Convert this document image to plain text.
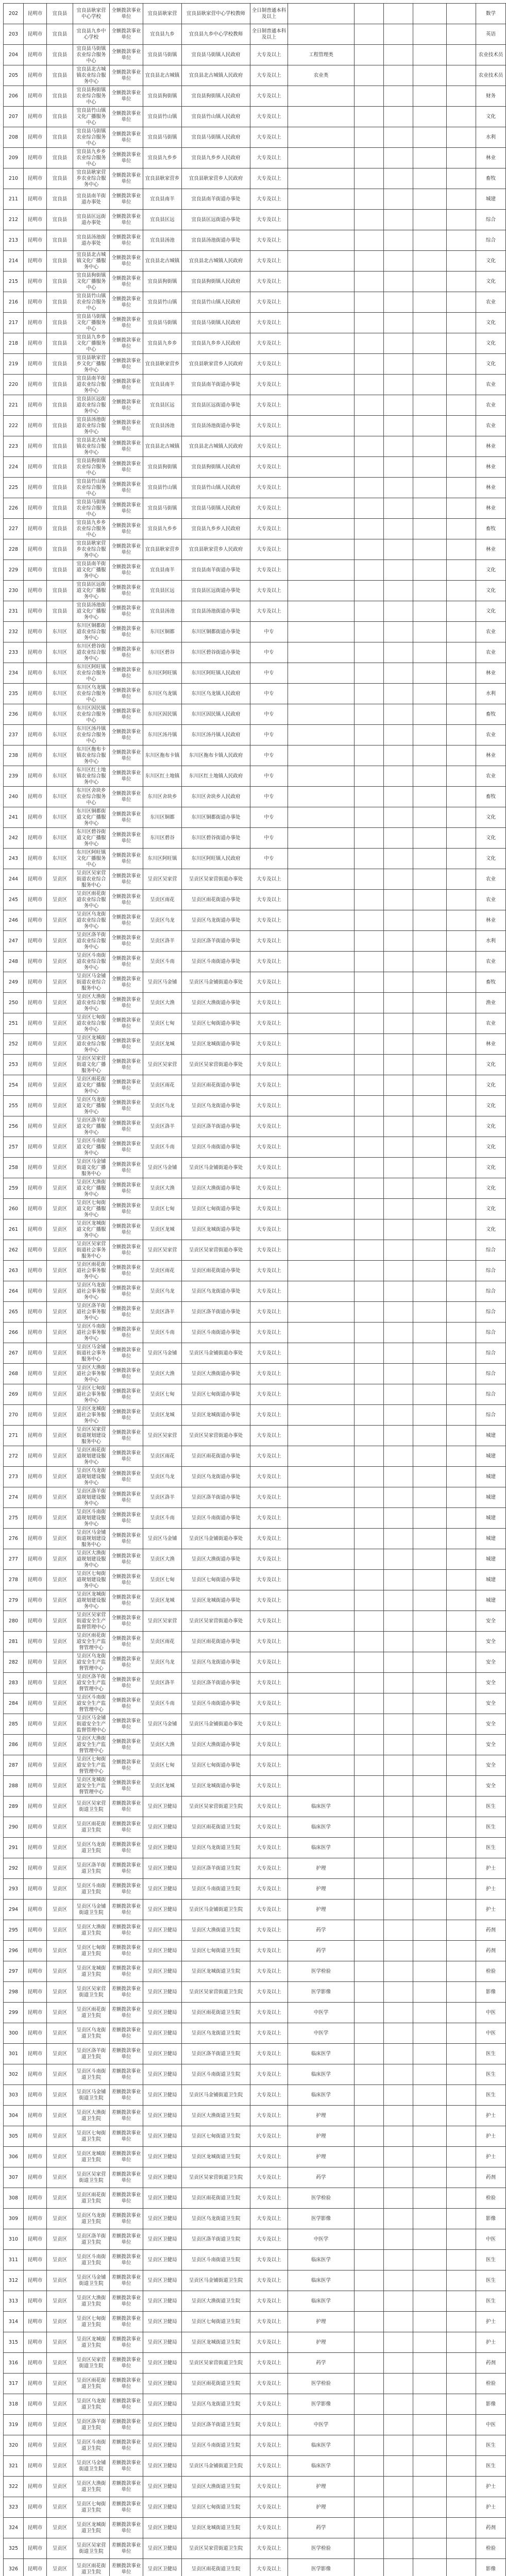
202	昆明市	宜良县	宜良县耿家营中心学校	全额拨款事业单位	宜良县耿家营	宜良县耿家营中心学校教师	全日制普通本科及以上						数学
203	昆明市	宜良县	宜良县九乡中心学校	全额拨款事业单位	宜良县九乡	宜良县九乡中心学校教师	全日制普通本科及以上						英语
204	昆明市	宜良县	宜良县马街镇农业综合服务中心	全额拨款事业单位	宜良县马街镇	宜良县马街镇人民政府	大专及以上	工程管理类					农业技术员
205	昆明市	宜良县	宜良县北古城镇农业综合服务中心	全额拨款事业单位	宜良县北古城镇	宜良县北古城镇人民政府	大专及以上	农业类					农业技术员
206	昆明市	宜良县	宜良县狗街镇农业综合服务中心	全额拨款事业单位	宜良县狗街镇	宜良县狗街镇人民政府	大专及以上						财务
207	昆明市	宜良县	宜良县竹山镇文化广播服务中心	全额拨款事业单位	宜良县竹山镇	宜良县竹山镇人民政府	大专及以上						文化
208	昆明市	宜良县	宜良县马街镇农业综合服务中心	全额拨款事业单位	宜良县马街镇	宜良县马街镇人民政府	大专及以上						水利
209	昆明市	宜良县	宜良县九乡乡农业综合服务中心	全额拨款事业单位	宜良县九乡乡	宜良县九乡乡人民政府	大专及以上						林业
210	昆明市	宜良县	宜良县耿家营乡农业综合服务中心	全额拨款事业单位	宜良县耿家营乡	宜良县耿家营乡人民政府	大专及以上						畜牧
211	昆明市	宜良县	宜良县南羊街道办事处	全额拨款事业单位	宜良县南羊	宜良县南羊街道办事处	大专及以上						城建
212	昆明市	宜良县	宜良县匡远街道办事处	全额拨款事业单位	宜良县匡远	宜良县匡远街道办事处	大专及以上						综合
213	昆明市	宜良县	宜良县汤池街道办事处	全额拨款事业单位	宜良县汤池	宜良县汤池街道办事处	大专及以上						综合
214	昆明市	宜良县	宜良县北古城镇文化广播服务中心	全额拨款事业单位	宜良县北古城镇	宜良县北古城镇人民政府	大专及以上						文化
215	昆明市	宜良县	宜良县狗街镇文化广播服务中心	全额拨款事业单位	宜良县狗街镇	宜良县狗街镇人民政府	大专及以上						文化
216	昆明市	宜良县	宜良县竹山镇农业综合服务中心	全额拨款事业单位	宜良县竹山镇	宜良县竹山镇人民政府	大专及以上						农业
217	昆明市	宜良县	宜良县马街镇文化广播服务中心	全额拨款事业单位	宜良县马街镇	宜良县马街镇人民政府	大专及以上						文化
218	昆明市	宜良县	宜良县九乡乡文化广播服务中心	全额拨款事业单位	宜良县九乡乡	宜良县九乡乡人民政府	大专及以上						文化
219	昆明市	宜良县	宜良县耿家营乡文化广播服务中心	全额拨款事业单位	宜良县耿家营乡	宜良县耿家营乡人民政府	大专及以上						文化
220	昆明市	宜良县	宜良县南羊街道农业综合服务中心	全额拨款事业单位	宜良县南羊	宜良县南羊街道办事处	大专及以上						农业
221	昆明市	宜良县	宜良县匡远街道农业综合服务中心	全额拨款事业单位	宜良县匡远	宜良县匡远街道办事处	大专及以上						农业
222	昆明市	宜良县	宜良县汤池街道农业综合服务中心	全额拨款事业单位	宜良县汤池	宜良县汤池街道办事处	大专及以上						农业
223	昆明市	宜良县	宜良县北古城镇农业综合服务中心	全额拨款事业单位	宜良县北古城镇	宜良县北古城镇人民政府	大专及以上						林业
224	昆明市	宜良县	宜良县狗街镇农业综合服务中心	全额拨款事业单位	宜良县狗街镇	宜良县狗街镇人民政府	大专及以上						林业
225	昆明市	宜良县	宜良县竹山镇农业综合服务中心	全额拨款事业单位	宜良县竹山镇	宜良县竹山镇人民政府	大专及以上						林业
226	昆明市	宜良县	宜良县马街镇农业综合服务中心	全额拨款事业单位	宜良县马街镇	宜良县马街镇人民政府	大专及以上						林业
227	昆明市	宜良县	宜良县九乡乡农业综合服务中心	全额拨款事业单位	宜良县九乡乡	宜良县九乡乡人民政府	大专及以上						畜牧
228	昆明市	宜良县	宜良县耿家营乡农业综合服务中心	全额拨款事业单位	宜良县耿家营乡	宜良县耿家营乡人民政府	大专及以上						林业
229	昆明市	宜良县	宜良县南羊街道文化广播服务中心	全额拨款事业单位	宜良县南羊	宜良县南羊街道办事处	大专及以上						文化
230	昆明市	宜良县	宜良县匡远街道文化广播服务中心	全额拨款事业单位	宜良县匡远	宜良县匡远街道办事处	大专及以上						文化
231	昆明市	宜良县	宜良县汤池街道文化广播服务中心	全额拨款事业单位	宜良县汤池	宜良县汤池街道办事处	大专及以上						文化
232	昆明市	东川区	东川区铜都街道农业综合服务中心	全额拨款事业单位	东川区铜都	东川区铜都街道办事处	中专						农业
233	昆明市	东川区	东川区碧谷街道农业综合服务中心	全额拨款事业单位	东川区碧谷	东川区碧谷街道办事处	中专						农业
234	昆明市	东川区	东川区阿旺镇农业综合服务中心	全额拨款事业单位	东川区阿旺镇	东川区阿旺镇人民政府	中专						林业
235	昆明市	东川区	东川区乌龙镇农业综合服务中心	全额拨款事业单位	东川区乌龙镇	东川区乌龙镇人民政府	中专						水利
236	昆明市	东川区	东川区因民镇农业综合服务中心	全额拨款事业单位	东川区因民镇	东川区因民镇人民政府	中专						畜牧
237	昆明市	东川区	东川区汤丹镇农业综合服务中心	全额拨款事业单位	东川区汤丹镇	东川区汤丹镇人民政府	中专						农业
238	昆明市	东川区	东川区拖布卡镇农业综合服务中心	全额拨款事业单位	东川区拖布卡镇	东川区拖布卡镇人民政府	中专						林业
239	昆明市	东川区	东川区红土地镇农业综合服务中心	全额拨款事业单位	东川区红土地镇	东川区红土地镇人民政府	中专						农业
240	昆明市	东川区	东川区舍块乡农业综合服务中心	全额拨款事业单位	东川区舍块乡	东川区舍块乡人民政府	中专						畜牧
241	昆明市	东川区	东川区铜都街道文化广播服务中心	全额拨款事业单位	东川区铜都	东川区铜都街道办事处	中专						文化
242	昆明市	东川区	东川区碧谷街道文化广播服务中心	全额拨款事业单位	东川区碧谷	东川区碧谷街道办事处	中专						文化
243	昆明市	东川区	东川区阿旺镇文化广播服务中心	全额拨款事业单位	东川区阿旺镇	东川区阿旺镇人民政府	中专						文化
244	昆明市	呈贡区	呈贡区吴家营街道农业综合服务中心	全额拨款事业单位	呈贡区吴家营	呈贡区吴家营街道办事处	大专及以上						农业
245	昆明市	呈贡区	呈贡区雨花街道农业综合服务中心	全额拨款事业单位	呈贡区雨花	呈贡区雨花街道办事处	大专及以上						农业
246	昆明市	呈贡区	呈贡区乌龙街道农业综合服务中心	全额拨款事业单位	呈贡区乌龙	呈贡区乌龙街道办事处	大专及以上						林业
247	昆明市	呈贡区	呈贡区洛羊街道农业综合服务中心	全额拨款事业单位	呈贡区洛羊	呈贡区洛羊街道办事处	大专及以上						水利
248	昆明市	呈贡区	呈贡区斗南街道农业综合服务中心	全额拨款事业单位	呈贡区斗南	呈贡区斗南街道办事处	大专及以上						农业
249	昆明市	呈贡区	呈贡区马金铺街道农业综合服务中心	全额拨款事业单位	呈贡区马金铺	呈贡区马金铺街道办事处	大专及以上						畜牧
250	昆明市	呈贡区	呈贡区大渔街道农业综合服务中心	全额拨款事业单位	呈贡区大渔	呈贡区大渔街道办事处	大专及以上						渔业
251	昆明市	呈贡区	呈贡区七甸街道农业综合服务中心	全额拨款事业单位	呈贡区七甸	呈贡区七甸街道办事处	大专及以上						农业
252	昆明市	呈贡区	呈贡区龙城街道农业综合服务中心	全额拨款事业单位	呈贡区龙城	呈贡区龙城街道办事处	大专及以上						林业
253	昆明市	呈贡区	呈贡区吴家营街道文化广播服务中心	全额拨款事业单位	呈贡区吴家营	呈贡区吴家营街道办事处	大专及以上						文化
254	昆明市	呈贡区	呈贡区雨花街道文化广播服务中心	全额拨款事业单位	呈贡区雨花	呈贡区雨花街道办事处	大专及以上						文化
255	昆明市	呈贡区	呈贡区乌龙街道文化广播服务中心	全额拨款事业单位	呈贡区乌龙	呈贡区乌龙街道办事处	大专及以上						文化
256	昆明市	呈贡区	呈贡区洛羊街道文化广播服务中心	全额拨款事业单位	呈贡区洛羊	呈贡区洛羊街道办事处	大专及以上						文化
257	昆明市	呈贡区	呈贡区斗南街道文化广播服务中心	全额拨款事业单位	呈贡区斗南	呈贡区斗南街道办事处	大专及以上						文化
258	昆明市	呈贡区	呈贡区马金铺街道文化广播服务中心	全额拨款事业单位	呈贡区马金铺	呈贡区马金铺街道办事处	大专及以上						文化
259	昆明市	呈贡区	呈贡区大渔街道文化广播服务中心	全额拨款事业单位	呈贡区大渔	呈贡区大渔街道办事处	大专及以上						文化
260	昆明市	呈贡区	呈贡区七甸街道文化广播服务中心	全额拨款事业单位	呈贡区七甸	呈贡区七甸街道办事处	大专及以上						文化
261	昆明市	呈贡区	呈贡区龙城街道文化广播服务中心	全额拨款事业单位	呈贡区龙城	呈贡区龙城街道办事处	大专及以上						文化
262	昆明市	呈贡区	呈贡区吴家营街道社会事务服务中心	全额拨款事业单位	呈贡区吴家营	呈贡区吴家营街道办事处	大专及以上						综合
263	昆明市	呈贡区	呈贡区雨花街道社会事务服务中心	全额拨款事业单位	呈贡区雨花	呈贡区雨花街道办事处	大专及以上						综合
264	昆明市	呈贡区	呈贡区乌龙街道社会事务服务中心	全额拨款事业单位	呈贡区乌龙	呈贡区乌龙街道办事处	大专及以上						综合
265	昆明市	呈贡区	呈贡区洛羊街道社会事务服务中心	全额拨款事业单位	呈贡区洛羊	呈贡区洛羊街道办事处	大专及以上						综合
266	昆明市	呈贡区	呈贡区斗南街道社会事务服务中心	全额拨款事业单位	呈贡区斗南	呈贡区斗南街道办事处	大专及以上						综合
267	昆明市	呈贡区	呈贡区马金铺街道社会事务服务中心	全额拨款事业单位	呈贡区马金铺	呈贡区马金铺街道办事处	大专及以上						综合
268	昆明市	呈贡区	呈贡区大渔街道社会事务服务中心	全额拨款事业单位	呈贡区大渔	呈贡区大渔街道办事处	大专及以上						综合
269	昆明市	呈贡区	呈贡区七甸街道社会事务服务中心	全额拨款事业单位	呈贡区七甸	呈贡区七甸街道办事处	大专及以上						综合
270	昆明市	呈贡区	呈贡区龙城街道社会事务服务中心	全额拨款事业单位	呈贡区龙城	呈贡区龙城街道办事处	大专及以上						综合
271	昆明市	呈贡区	呈贡区吴家营街道规划建设服务中心	全额拨款事业单位	呈贡区吴家营	呈贡区吴家营街道办事处	大专及以上						城建
272	昆明市	呈贡区	呈贡区雨花街道规划建设服务中心	全额拨款事业单位	呈贡区雨花	呈贡区雨花街道办事处	大专及以上						城建
273	昆明市	呈贡区	呈贡区乌龙街道规划建设服务中心	全额拨款事业单位	呈贡区乌龙	呈贡区乌龙街道办事处	大专及以上						城建
274	昆明市	呈贡区	呈贡区洛羊街道规划建设服务中心	全额拨款事业单位	呈贡区洛羊	呈贡区洛羊街道办事处	大专及以上						城建
275	昆明市	呈贡区	呈贡区斗南街道规划建设服务中心	全额拨款事业单位	呈贡区斗南	呈贡区斗南街道办事处	大专及以上						城建
276	昆明市	呈贡区	呈贡区马金铺街道规划建设服务中心	全额拨款事业单位	呈贡区马金铺	呈贡区马金铺街道办事处	大专及以上						城建
277	昆明市	呈贡区	呈贡区大渔街道规划建设服务中心	全额拨款事业单位	呈贡区大渔	呈贡区大渔街道办事处	大专及以上						城建
278	昆明市	呈贡区	呈贡区七甸街道规划建设服务中心	全额拨款事业单位	呈贡区七甸	呈贡区七甸街道办事处	大专及以上						城建
279	昆明市	呈贡区	呈贡区龙城街道规划建设服务中心	全额拨款事业单位	呈贡区龙城	呈贡区龙城街道办事处	大专及以上						城建
280	昆明市	呈贡区	呈贡区吴家营街道安全生产监督管理中心	全额拨款事业单位	呈贡区吴家营	呈贡区吴家营街道办事处	大专及以上						安全
281	昆明市	呈贡区	呈贡区雨花街道安全生产监督管理中心	全额拨款事业单位	呈贡区雨花	呈贡区雨花街道办事处	大专及以上						安全
282	昆明市	呈贡区	呈贡区乌龙街道安全生产监督管理中心	全额拨款事业单位	呈贡区乌龙	呈贡区乌龙街道办事处	大专及以上						安全
283	昆明市	呈贡区	呈贡区洛羊街道安全生产监督管理中心	全额拨款事业单位	呈贡区洛羊	呈贡区洛羊街道办事处	大专及以上						安全
284	昆明市	呈贡区	呈贡区斗南街道安全生产监督管理中心	全额拨款事业单位	呈贡区斗南	呈贡区斗南街道办事处	大专及以上						安全
285	昆明市	呈贡区	呈贡区马金铺街道安全生产监督管理中心	全额拨款事业单位	呈贡区马金铺	呈贡区马金铺街道办事处	大专及以上						安全
286	昆明市	呈贡区	呈贡区大渔街道安全生产监督管理中心	全额拨款事业单位	呈贡区大渔	呈贡区大渔街道办事处	大专及以上						安全
287	昆明市	呈贡区	呈贡区七甸街道安全生产监督管理中心	全额拨款事业单位	呈贡区七甸	呈贡区七甸街道办事处	大专及以上						安全
288	昆明市	呈贡区	呈贡区龙城街道安全生产监督管理中心	全额拨款事业单位	呈贡区龙城	呈贡区龙城街道办事处	大专及以上						安全
289	昆明市	呈贡区	呈贡区吴家营街道卫生院	差额拨款事业单位	呈贡区卫健局	呈贡区吴家营街道卫生院	大专及以上	临床医学					医生
290	昆明市	呈贡区	呈贡区雨花街道卫生院	差额拨款事业单位	呈贡区卫健局	呈贡区雨花街道卫生院	大专及以上	临床医学					医生
291	昆明市	呈贡区	呈贡区乌龙街道卫生院	差额拨款事业单位	呈贡区卫健局	呈贡区乌龙街道卫生院	大专及以上	临床医学					医生
292	昆明市	呈贡区	呈贡区洛羊街道卫生院	差额拨款事业单位	呈贡区卫健局	呈贡区洛羊街道卫生院	大专及以上	护理					护士
293	昆明市	呈贡区	呈贡区斗南街道卫生院	差额拨款事业单位	呈贡区卫健局	呈贡区斗南街道卫生院	大专及以上	护理					护士
294	昆明市	呈贡区	呈贡区马金铺街道卫生院	差额拨款事业单位	呈贡区卫健局	呈贡区马金铺街道卫生院	大专及以上	护理					护士
295	昆明市	呈贡区	呈贡区大渔街道卫生院	差额拨款事业单位	呈贡区卫健局	呈贡区大渔街道卫生院	大专及以上	药学					药剂
296	昆明市	呈贡区	呈贡区七甸街道卫生院	差额拨款事业单位	呈贡区卫健局	呈贡区七甸街道卫生院	大专及以上	药学					药剂
297	昆明市	呈贡区	呈贡区龙城街道卫生院	差额拨款事业单位	呈贡区卫健局	呈贡区龙城街道卫生院	大专及以上	医学检验					检验
298	昆明市	呈贡区	呈贡区吴家营街道卫生院	差额拨款事业单位	呈贡区卫健局	呈贡区吴家营街道卫生院	大专及以上	医学影像					影像
299	昆明市	呈贡区	呈贡区雨花街道卫生院	差额拨款事业单位	呈贡区卫健局	呈贡区雨花街道卫生院	大专及以上	中医学					中医
300	昆明市	呈贡区	呈贡区乌龙街道卫生院	差额拨款事业单位	呈贡区卫健局	呈贡区乌龙街道卫生院	大专及以上	中医学					中医
301	昆明市	呈贡区	呈贡区洛羊街道卫生院	差额拨款事业单位	呈贡区卫健局	呈贡区洛羊街道卫生院	大专及以上	临床医学					医生
302	昆明市	呈贡区	呈贡区斗南街道卫生院	差额拨款事业单位	呈贡区卫健局	呈贡区斗南街道卫生院	大专及以上	临床医学					医生
303	昆明市	呈贡区	呈贡区马金铺街道卫生院	差额拨款事业单位	呈贡区卫健局	呈贡区马金铺街道卫生院	大专及以上	临床医学					医生
304	昆明市	呈贡区	呈贡区大渔街道卫生院	差额拨款事业单位	呈贡区卫健局	呈贡区大渔街道卫生院	大专及以上	护理					护士
305	昆明市	呈贡区	呈贡区七甸街道卫生院	差额拨款事业单位	呈贡区卫健局	呈贡区七甸街道卫生院	大专及以上	护理					护士
306	昆明市	呈贡区	呈贡区龙城街道卫生院	差额拨款事业单位	呈贡区卫健局	呈贡区龙城街道卫生院	大专及以上	护理					护士
307	昆明市	呈贡区	呈贡区吴家营街道卫生院	差额拨款事业单位	呈贡区卫健局	呈贡区吴家营街道卫生院	大专及以上	药学					药剂
308	昆明市	呈贡区	呈贡区雨花街道卫生院	差额拨款事业单位	呈贡区卫健局	呈贡区雨花街道卫生院	大专及以上	医学检验					检验
309	昆明市	呈贡区	呈贡区乌龙街道卫生院	差额拨款事业单位	呈贡区卫健局	呈贡区乌龙街道卫生院	大专及以上	医学影像					影像
310	昆明市	呈贡区	呈贡区洛羊街道卫生院	差额拨款事业单位	呈贡区卫健局	呈贡区洛羊街道卫生院	大专及以上	中医学					中医
311	昆明市	呈贡区	呈贡区斗南街道卫生院	差额拨款事业单位	呈贡区卫健局	呈贡区斗南街道卫生院	大专及以上	临床医学					医生
312	昆明市	呈贡区	呈贡区马金铺街道卫生院	差额拨款事业单位	呈贡区卫健局	呈贡区马金铺街道卫生院	大专及以上	临床医学					医生
313	昆明市	呈贡区	呈贡区大渔街道卫生院	差额拨款事业单位	呈贡区卫健局	呈贡区大渔街道卫生院	大专及以上	临床医学					医生
314	昆明市	呈贡区	呈贡区七甸街道卫生院	差额拨款事业单位	呈贡区卫健局	呈贡区七甸街道卫生院	大专及以上	护理					护士
315	昆明市	呈贡区	呈贡区龙城街道卫生院	差额拨款事业单位	呈贡区卫健局	呈贡区龙城街道卫生院	大专及以上	护理					护士
316	昆明市	呈贡区	呈贡区吴家营街道卫生院	差额拨款事业单位	呈贡区卫健局	呈贡区吴家营街道卫生院	大专及以上	药学					药剂
317	昆明市	呈贡区	呈贡区雨花街道卫生院	差额拨款事业单位	呈贡区卫健局	呈贡区雨花街道卫生院	大专及以上	医学检验					检验
318	昆明市	呈贡区	呈贡区乌龙街道卫生院	差额拨款事业单位	呈贡区卫健局	呈贡区乌龙街道卫生院	大专及以上	医学影像					影像
319	昆明市	呈贡区	呈贡区洛羊街道卫生院	差额拨款事业单位	呈贡区卫健局	呈贡区洛羊街道卫生院	大专及以上	中医学					中医
320	昆明市	呈贡区	呈贡区斗南街道卫生院	差额拨款事业单位	呈贡区卫健局	呈贡区斗南街道卫生院	大专及以上	临床医学					医生
321	昆明市	呈贡区	呈贡区马金铺街道卫生院	差额拨款事业单位	呈贡区卫健局	呈贡区马金铺街道卫生院	大专及以上	临床医学					医生
322	昆明市	呈贡区	呈贡区大渔街道卫生院	差额拨款事业单位	呈贡区卫健局	呈贡区大渔街道卫生院	大专及以上	护理					护士
323	昆明市	呈贡区	呈贡区七甸街道卫生院	差额拨款事业单位	呈贡区卫健局	呈贡区七甸街道卫生院	大专及以上	护理					护士
324	昆明市	呈贡区	呈贡区龙城街道卫生院	差额拨款事业单位	呈贡区卫健局	呈贡区龙城街道卫生院	大专及以上	药学					药剂
325	昆明市	呈贡区	呈贡区吴家营街道卫生院	差额拨款事业单位	呈贡区卫健局	呈贡区吴家营街道卫生院	大专及以上	医学检验					检验
326	昆明市	呈贡区	呈贡区雨花街道卫生院	差额拨款事业单位	呈贡区卫健局	呈贡区雨花街道卫生院	大专及以上	医学影像					影像
